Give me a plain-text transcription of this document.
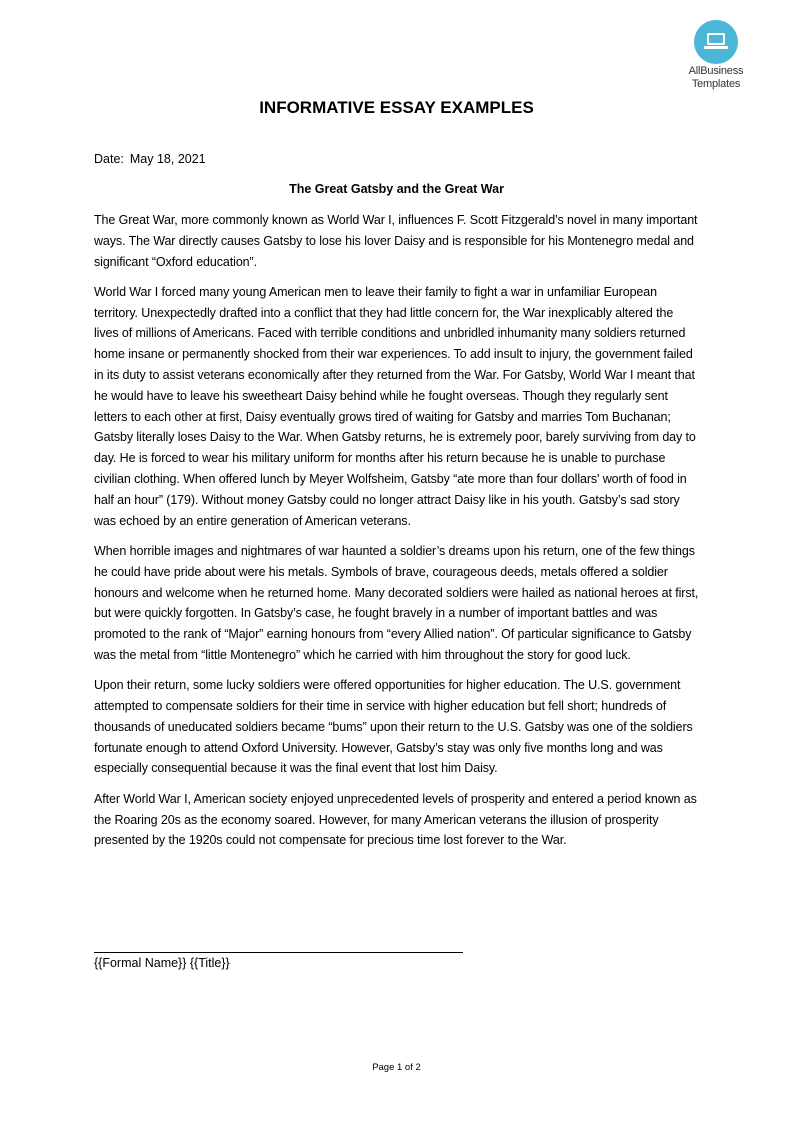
AllBusiness
Templates
INFORMATIVE ESSAY EXAMPLES
Date: May 18, 2021
The Great Gatsby and the Great War

The Great War, more commonly known as World War I, influences F. Scott Fitzgerald’s novel in many important ways. The War directly causes Gatsby to lose his lover Daisy and is responsible for his Montenegro medal and significant “Oxford education”.

World War I forced many young American men to leave their family to fight a war in unfamiliar European territory. Unexpectedly drafted into a conflict that they had little concern for, the War inexplicably altered the lives of millions of Americans. Faced with terrible conditions and unbridled inhumanity many soldiers returned home insane or permanently shocked from their war experiences. To add insult to injury, the government failed in its duty to assist veterans economically after they returned from the War. For Gatsby, World War I meant that he would have to leave his sweetheart Daisy behind while he fought overseas. Though they regularly sent letters to each other at first, Daisy eventually grows tired of waiting for Gatsby and marries Tom Buchanan; Gatsby literally loses Daisy to the War. When Gatsby returns, he is extremely poor, barely surviving from day to day. He is forced to wear his military uniform for months after his return because he is unable to purchase civilian clothing. When offered lunch by Meyer Wolfsheim, Gatsby “ate more than four dollars' worth of food in half an hour” (179). Without money Gatsby could no longer attract Daisy like in his youth. Gatsby’s sad story was echoed by an entire generation of American veterans.

When horrible images and nightmares of war haunted a soldier’s dreams upon his return, one of the few things he could have pride about were his metals. Symbols of brave, courageous deeds, metals offered a soldier honours and welcome when he returned home. Many decorated soldiers were hailed as national heroes at first, but were quickly forgotten. In Gatsby’s case, he fought bravely in a number of important battles and was promoted to the rank of “Major” earning honours from “every Allied nation”. Of particular significance to Gatsby was the metal from “little Montenegro” which he carried with him throughout the story for good luck.

Upon their return, some lucky soldiers were offered opportunities for higher education. The U.S. government attempted to compensate soldiers for their time in service with higher education but fell short; hundreds of thousands of uneducated soldiers became “bums” upon their return to the U.S. Gatsby was one of the soldiers fortunate enough to attend Oxford University. However, Gatsby’s stay was only five months long and was especially consequential because it was the final event that lost him Daisy.

After World War I, American society enjoyed unprecedented levels of prosperity and entered a period known as the Roaring 20s as the economy soared. However, for many American veterans the illusion of prosperity presented by the 1920s could not compensate for precious time lost forever to the War.

{{Formal Name}} {{Title}}
Page 1 of 2
